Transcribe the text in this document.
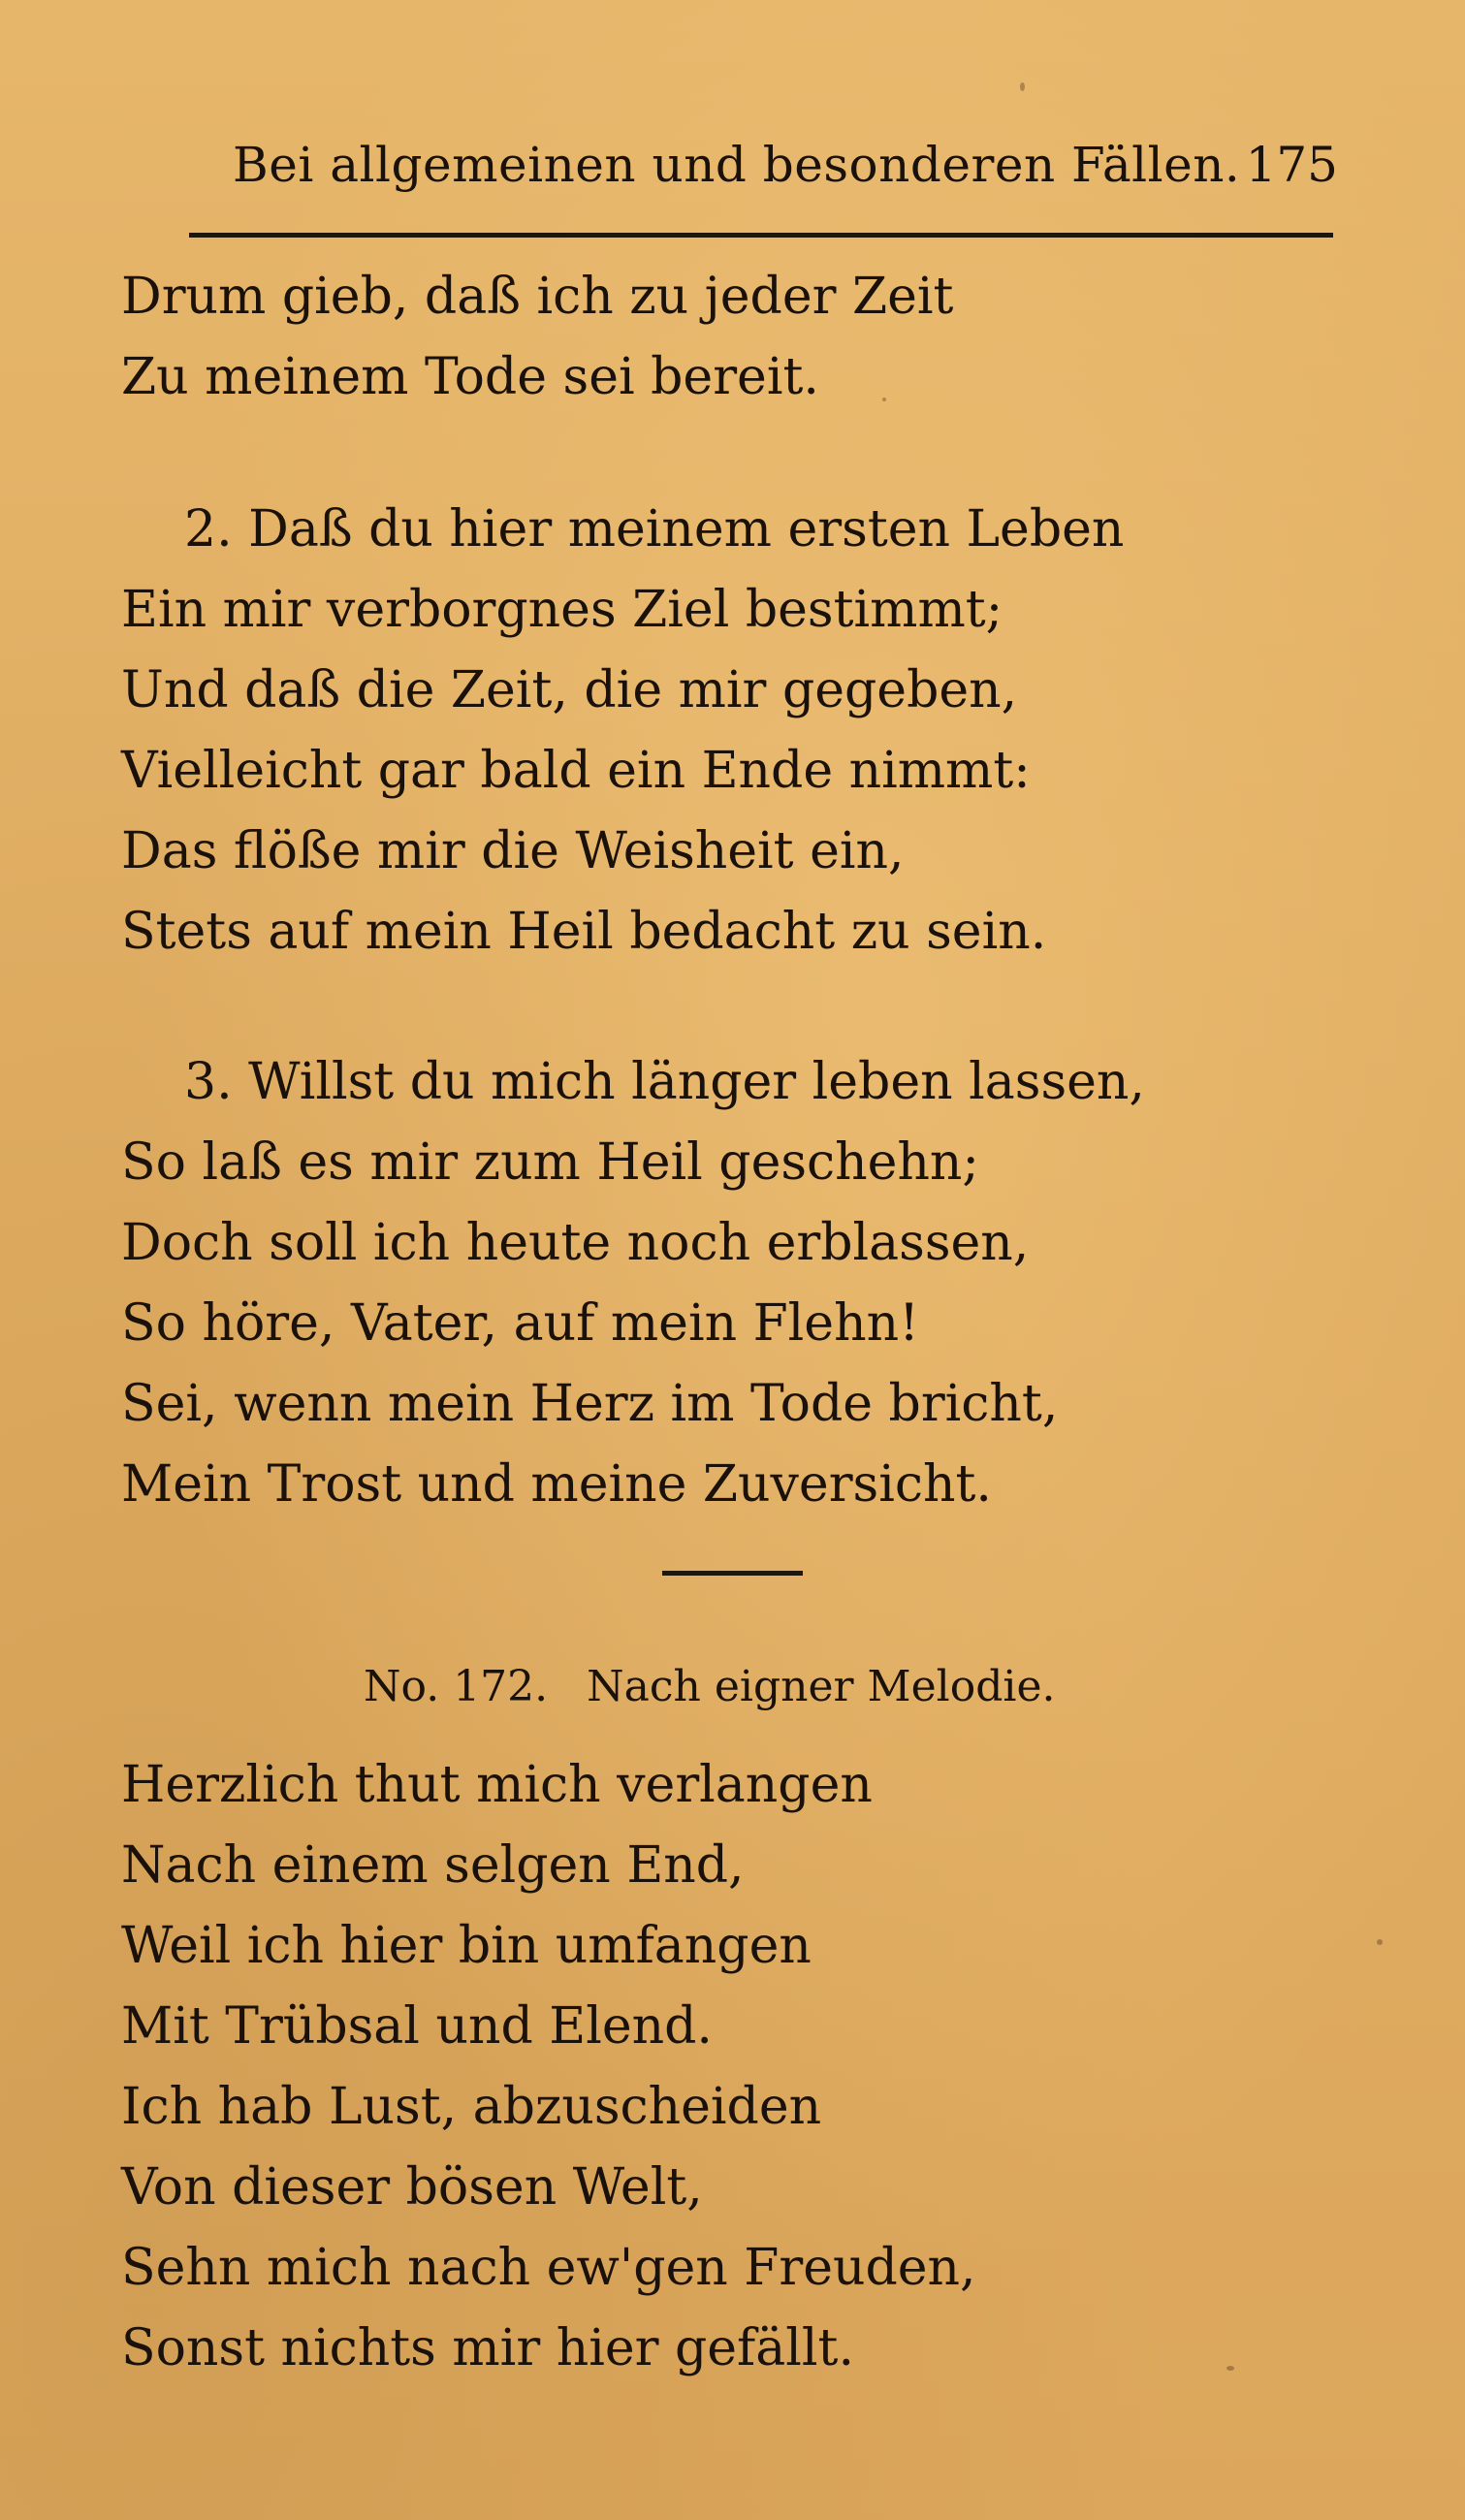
Bei allgemeinen und besonderen Fällen. 175
Drum gieb, daß ich zu jeder Zeit
Zu meinem Tode sei bereit.
2. Daß du hier meinem ersten Leben
Ein mir verborgnes Ziel bestimmt;
Und daß die Zeit, die mir gegeben,
Vielleicht gar bald ein Ende nimmt:
Das flöße mir die Weisheit ein,
Stets auf mein Heil bedacht zu sein.
3. Willst du mich länger leben lassen,
So laß es mir zum Heil geschehn;
Doch soll ich heute noch erblassen,
So höre, Vater, auf mein Flehn!
Sei, wenn mein Herz im Tode bricht,
Mein Trost und meine Zuversicht.
No. 172. Nach eigner Melodie.
Herzlich thut mich verlangen
Nach einem selgen End,
Weil ich hier bin umfangen
Mit Trübsal und Elend.
Ich hab Lust, abzuscheiden
Von dieser bösen Welt,
Sehn mich nach ew'gen Freuden,
Sonst nichts mir hier gefällt.
